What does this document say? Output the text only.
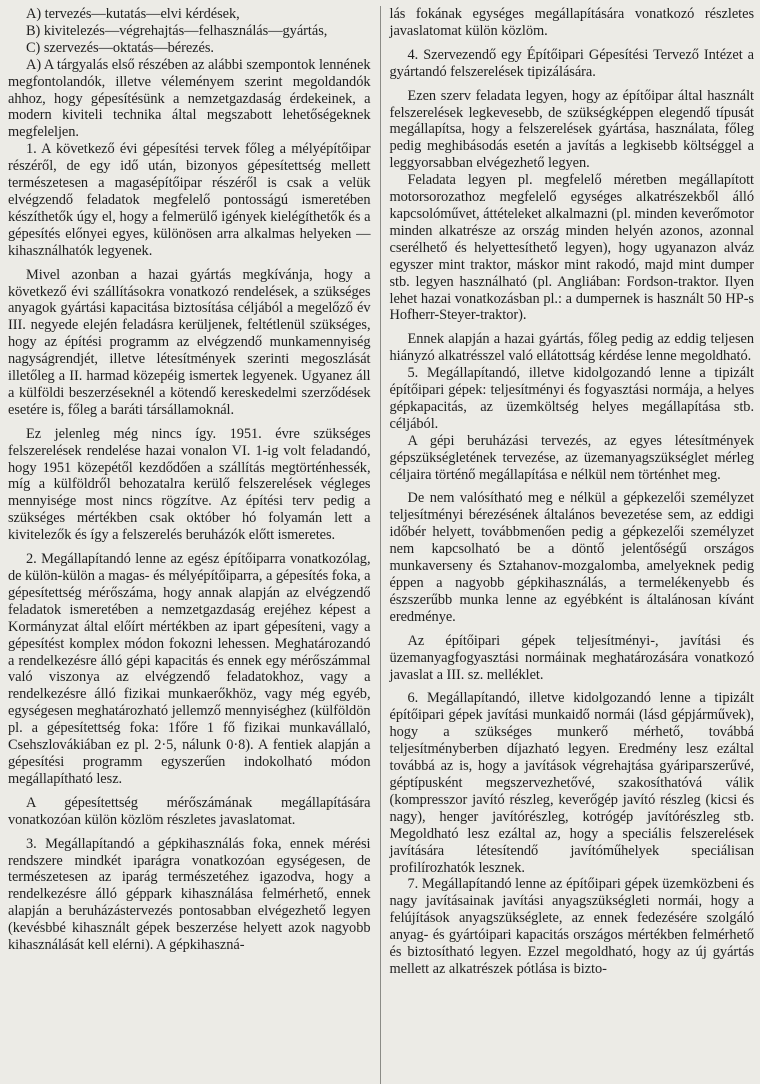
A) tervezés—kutatás—elvi kérdések,

B) kivitelezés—végrehajtás—felhasználás—gyártás,

C) szervezés—oktatás—bérezés.

A) A tárgyalás első részében az alábbi szempontok lennének megfontolandók, illetve véleményem szerint megoldandók ahhoz, hogy gépesítésünk a nemzetgazdaság érdekeinek, a modern kiviteli technika által megszabott lehetőségeknek megfeleljen.

1. A következő évi gépesítési tervek főleg a mélyépítőipar részéről, de egy idő után, bizonyos gépesítettség mellett természetesen a magasépítőipar részéről is csak a velük elvégzendő feladatok megfelelő pontosságú ismeretében készíthetők úgy el, hogy a felmerülő igények kielégíthetők és a gépesítés előnyei egyes, különösen arra alkalmas helyeken — kihasználhatók legyenek.

Mivel azonban a hazai gyártás megkívánja, hogy a következő évi szállításokra vonatkozó rendelések, a szükséges anyagok gyártási kapacitása biztosítása céljából a megelőző év III. negyede elején feladásra kerüljenek, feltétlenül szükséges, hogy az építési programm az elvégzendő munkamennyiség nagyságrendjét, illetve létesítmények szerinti megoszlását illetőleg a II. harmad közepéig ismertek legyenek. Ugyanez áll a külföldi beszerzéseknél a kötendő kereskedelmi szerződések esetére is, főleg a baráti társállamoknál.

Ez jelenleg még nincs így. 1951. évre szükséges felszerelések rendelése hazai vonalon VI. 1-ig volt feladandó, hogy 1951 közepétől kezdődően a szállítás megtörténhessék, míg a külföldről behozatalra kerülő felszerelések végleges mennyisége most nincs rögzítve. Az építési terv pedig a szükséges mértékben csak október hó folyamán lett a kivitelezők és így a felszerelés beruházók előtt ismeretes.

2. Megállapítandó lenne az egész építőiparra vonatkozólag, de külön-külön a magas- és mélyépítőiparra, a gépesítés foka, a gépesítettség mérőszáma, hogy annak alapján az elvégzendő feladatok ismeretében a nemzetgazdaság erejéhez képest a Kormányzat által előírt mértékben az ipart gépesíteni, vagy a gépesítést komplex módon fokozni lehessen. Meghatározandó a rendelkezésre álló gépi kapacitás és ennek egy mérőszámmal való viszonya az elvégzendő feladatokhoz, vagy a rendelkezésre álló fizikai munkaerőkhöz, vagy még egyéb, egységesen meghatározható jellemző mennyiséghez (külföldön pl. a gépesítettség foka: 1főre 1 fő fizikai munkavállaló, Csehszlovákiában ez pl. 2·5, nálunk 0·8). A fentiek alapján a gépesítési programm egyszerűen indokolható módon megállapítható lesz.

A gépesítettség mérőszámának megállapítására vonatkozóan külön közlöm részletes javaslatomat.

3. Megállapítandó a gépkihasználás foka, ennek mérési rendszere mindkét iparágra vonatkozóan egységesen, de természetesen az iparág természetéhez igazodva, hogy a rendelkezésre álló géppark kihasználása felmérhető, ennek alapján a beruházástervezés pontosabban elvégezhető legyen (kevésbbé kihasznált gépek beszerzése helyett azok nagyobb kihasználását kell elérni). A gépkihaszná-

lás fokának egységes megállapítására vonatkozó részletes javaslatomat külön közlöm.

4. Szervezendő egy Építőipari Gépesítési Tervező Intézet a gyártandó felszerelések tipizálására.

Ezen szerv feladata legyen, hogy az építőipar által használt felszerelések legkevesebb, de szükségképpen elegendő típusát megállapítsa, hogy a felszerelések gyártása, használata, főleg pedig meghibásodás esetén a javítás a legkisebb költséggel a leggyorsabban elvégezhető legyen.

Feladata legyen pl. megfelelő méretben megállapított motorsorozathoz megfelelő egységes alkatrészekből álló kapcsolóművet, áttételeket alkalmazni (pl. minden keverőmotor minden alkatrésze az ország minden helyén azonos, azonnal cserélhető és helyettesíthető legyen), hogy ugyanazon alváz egyszer mint traktor, máskor mint rakodó, majd mint dumper stb. legyen használható (pl. Angliában: Fordson-traktor. Ilyen lehet hazai vonatkozásban pl.: a dumpernek is használt 50 HP-s Hofherr-Steyer-traktor).

Ennek alapján a hazai gyártás, főleg pedig az eddig teljesen hiányzó alkatrésszel való ellátottság kérdése lenne megoldható.

5. Megállapítandó, illetve kidolgozandó lenne a tipizált építőipari gépek: teljesítményi és fogyasztási normája, a helyes gépkapacitás, az üzemköltség helyes megállapítása stb. céljából.

A gépi beruházási tervezés, az egyes létesítmények gépszükségletének tervezése, az üzemanyagszükséglet mérleg céljaira történő megállapítása e nélkül nem történhet meg.

De nem valósítható meg e nélkül a gépkezelői személyzet teljesítményi bérezésének általános bevezetése sem, az eddigi időbér helyett, továbbmenően pedig a gépkezelői személyzet nem kapcsolható be a döntő jelentőségű országos munkaverseny és Sztahanov-mozgalomba, amelyeknek pedig éppen a nagyobb gépkihasználás, a termelékenyebb és észszerűbb munka lenne az egyébként is általánosan kívánt eredménye.

Az építőipari gépek teljesítményi-, javítási és üzemanyagfogyasztási normáinak meghatározására vonatkozó javaslat a III. sz. melléklet.

6. Megállapítandó, illetve kidolgozandó lenne a tipizált építőipari gépek javítási munkaidő normái (lásd gépjárművek), hogy a szükséges munkerő mérhető, továbbá teljesítményberben díjazható legyen. Eredmény lesz ezáltal továbbá az is, hogy a javítások végrehajtása gyáriparszerűvé, géptípusként megszervezhetővé, szakosíthatóvá válik (kompresszor javító részleg, keverőgép javító részleg (kicsi és nagy), henger javítórészleg, kotrógép javítórészleg stb. Megoldható lesz ezáltal az, hogy a speciális felszerelések javítására létesítendő javítóműhelyek speciálisan profilírozhatók lesznek.

7. Megállapítandó lenne az építőipari gépek üzemközbeni és nagy javításainak javítási anyagszükségleti normái, hogy a felújítások anyagszükséglete, az ennek fedezésére szolgáló anyag- és gyártóipari kapacitás országos mértékben felmérhető és biztosítható legyen. Ezzel megoldható, hogy az új gyártás mellett az alkatrészek pótlása is bizto-
